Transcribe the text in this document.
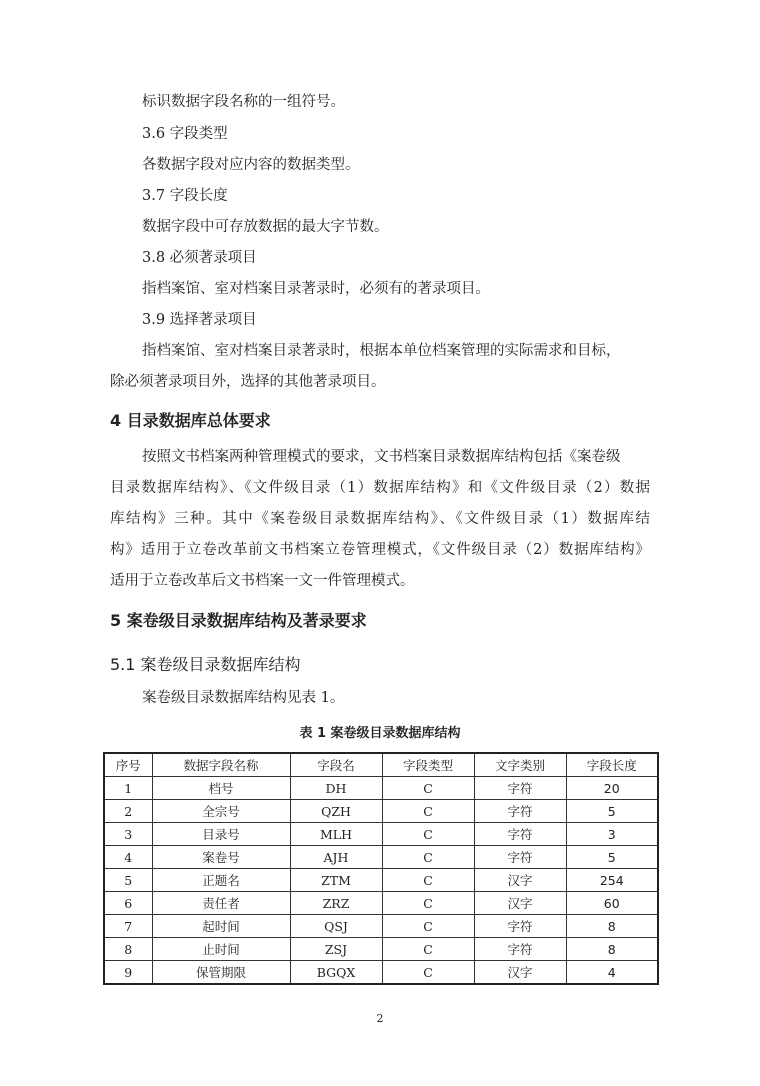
标识数据字段名称的一组符号。
3.6 字段类型
各数据字段对应内容的数据类型。
3.7 字段长度
数据字段中可存放数据的最大字节数。
3.8 必须著录项目
指档案馆、室对档案目录著录时，必须有的著录项目。
3.9 选择著录项目
指档案馆、室对档案目录著录时，根据本单位档案管理的实际需求和目标，
除必须著录项目外，选择的其他著录项目。
4 目录数据库总体要求
按照文书档案两种管理模式的要求，文书档案目录数据库结构包括《案卷级
目录数据库结构》、《文件级目录（1）数据库结构》和《文件级目录（2）数据
库结构》三种。其中《案卷级目录数据库结构》、《文件级目录（1）数据库结
构》适用于立卷改革前文书档案立卷管理模式，《文件级目录（2）数据库结构》
适用于立卷改革后文书档案一文一件管理模式。
5 案卷级目录数据库结构及著录要求
5.1 案卷级目录数据库结构
案卷级目录数据库结构见表 1。
表 1 案卷级目录数据库结构
序号	数据字段名称	字段名	字段类型	文字类别	字段长度
1	档号	DH	C	字符	20
2	全宗号	QZH	C	字符	5
3	目录号	MLH	C	字符	3
4	案卷号	AJH	C	字符	5
5	正题名	ZTM	C	汉字	254
6	责任者	ZRZ	C	汉字	60
7	起时间	QSJ	C	字符	8
8	止时间	ZSJ	C	字符	8
9	保管期限	BGQX	C	汉字	4
2
